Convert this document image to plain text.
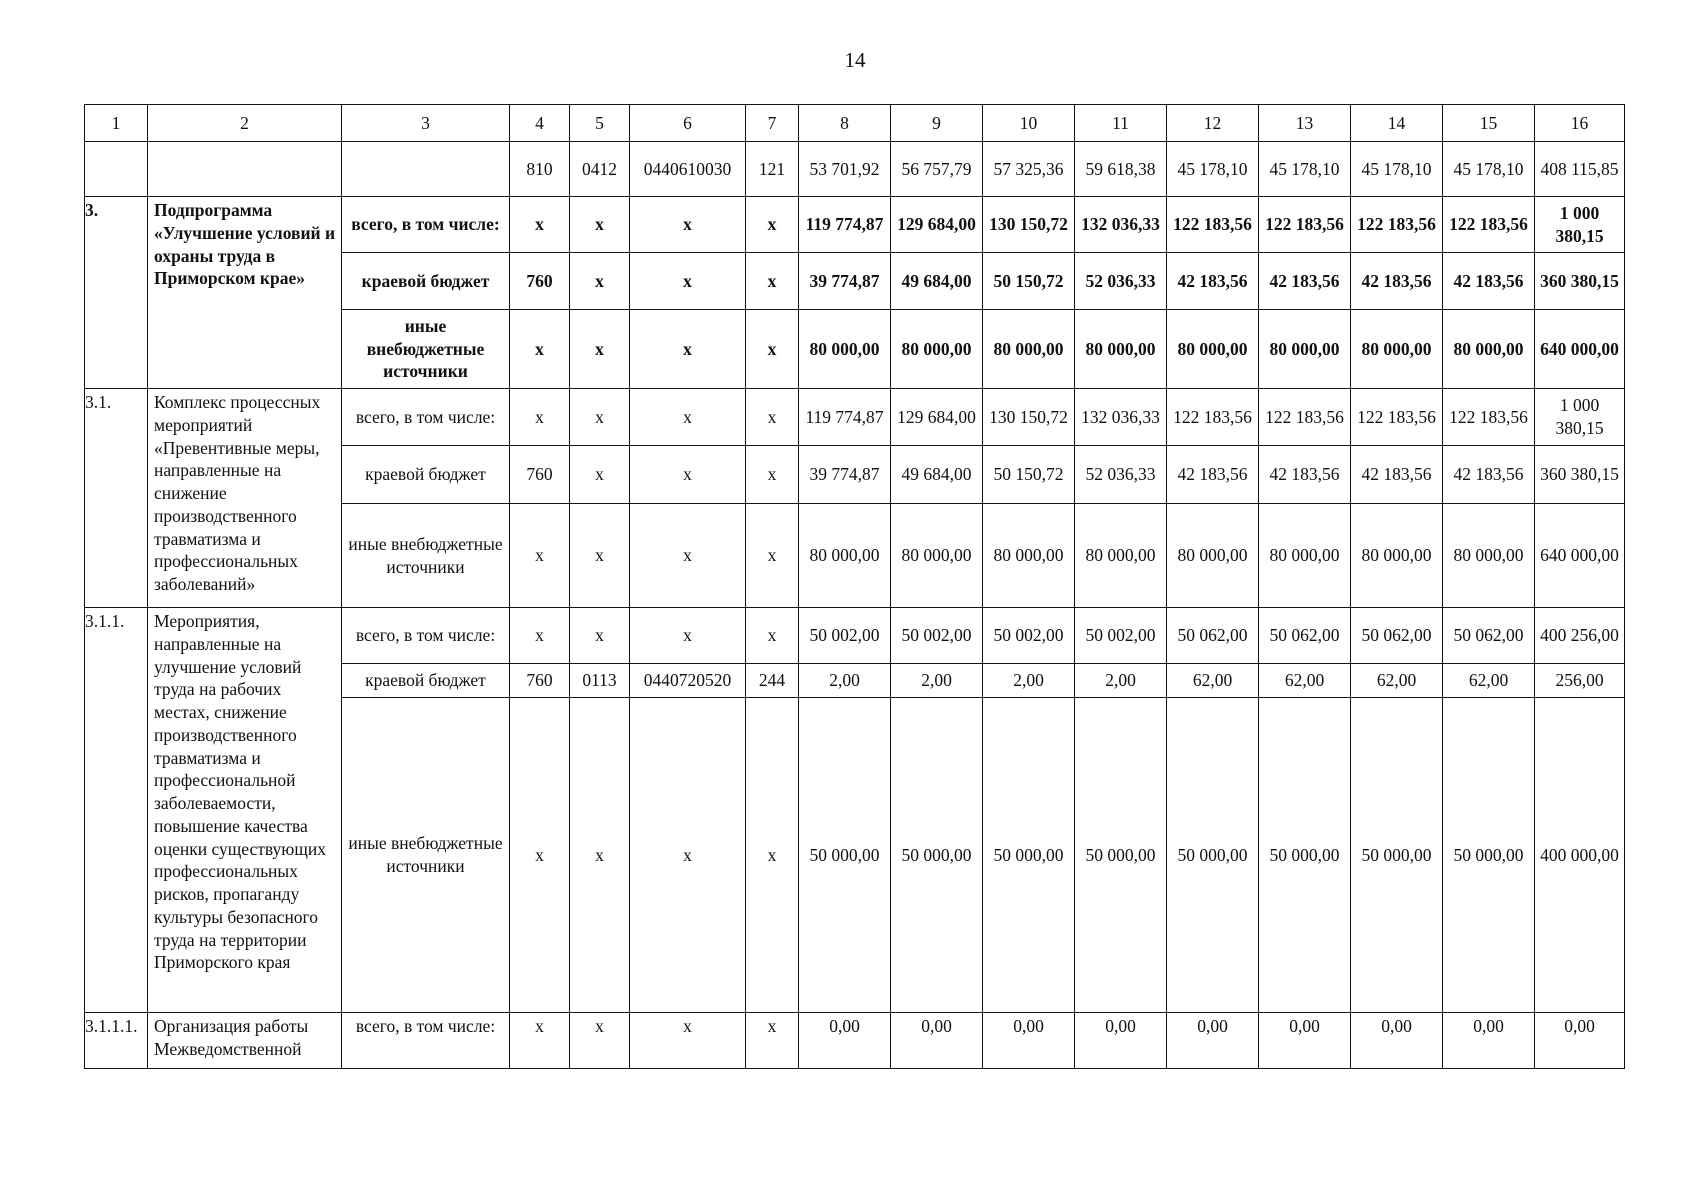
14
1	2	3	4	5	6	7	8	9	10	11	12	13	14	15	16
			810	0412	0440610030	121	53 701,92	56 757,79	57 325,36	59 618,38	45 178,10	45 178,10	45 178,10	45 178,10	408 115,85
3.	Подпрограмма «Улучшение условий и охраны труда в Приморском крае»	всего, в том числе:	х	х	х	х	119 774,87	129 684,00	130 150,72	132 036,33	122 183,56	122 183,56	122 183,56	122 183,56	1 000 380,15
		краевой бюджет	760	х	х	х	39 774,87	49 684,00	50 150,72	52 036,33	42 183,56	42 183,56	42 183,56	42 183,56	360 380,15
		иные внебюджетные источники	х	х	х	х	80 000,00	80 000,00	80 000,00	80 000,00	80 000,00	80 000,00	80 000,00	80 000,00	640 000,00
3.1.	Комплекс процессных мероприятий «Превентивные меры, направленные на снижение производственного травматизма и профессиональных заболеваний»	всего, в том числе:	х	х	х	х	119 774,87	129 684,00	130 150,72	132 036,33	122 183,56	122 183,56	122 183,56	122 183,56	1 000 380,15
		краевой бюджет	760	х	х	х	39 774,87	49 684,00	50 150,72	52 036,33	42 183,56	42 183,56	42 183,56	42 183,56	360 380,15
		иные внебюджетные источники	х	х	х	х	80 000,00	80 000,00	80 000,00	80 000,00	80 000,00	80 000,00	80 000,00	80 000,00	640 000,00
3.1.1.	Мероприятия, направленные на улучшение условий труда на рабочих местах, снижение производственного травматизма и профессиональной заболеваемости, повышение качества оценки существующих профессиональных рисков, пропаганду культуры безопасного труда на территории Приморского края	всего, в том числе:	х	х	х	х	50 002,00	50 002,00	50 002,00	50 002,00	50 062,00	50 062,00	50 062,00	50 062,00	400 256,00
		краевой бюджет	760	0113	0440720520	244	2,00	2,00	2,00	2,00	62,00	62,00	62,00	62,00	256,00
		иные внебюджетные источники	х	х	х	х	50 000,00	50 000,00	50 000,00	50 000,00	50 000,00	50 000,00	50 000,00	50 000,00	400 000,00
3.1.1.1.	Организация работы Межведомственной	всего, в том числе:	х	х	х	х	0,00	0,00	0,00	0,00	0,00	0,00	0,00	0,00	0,00
